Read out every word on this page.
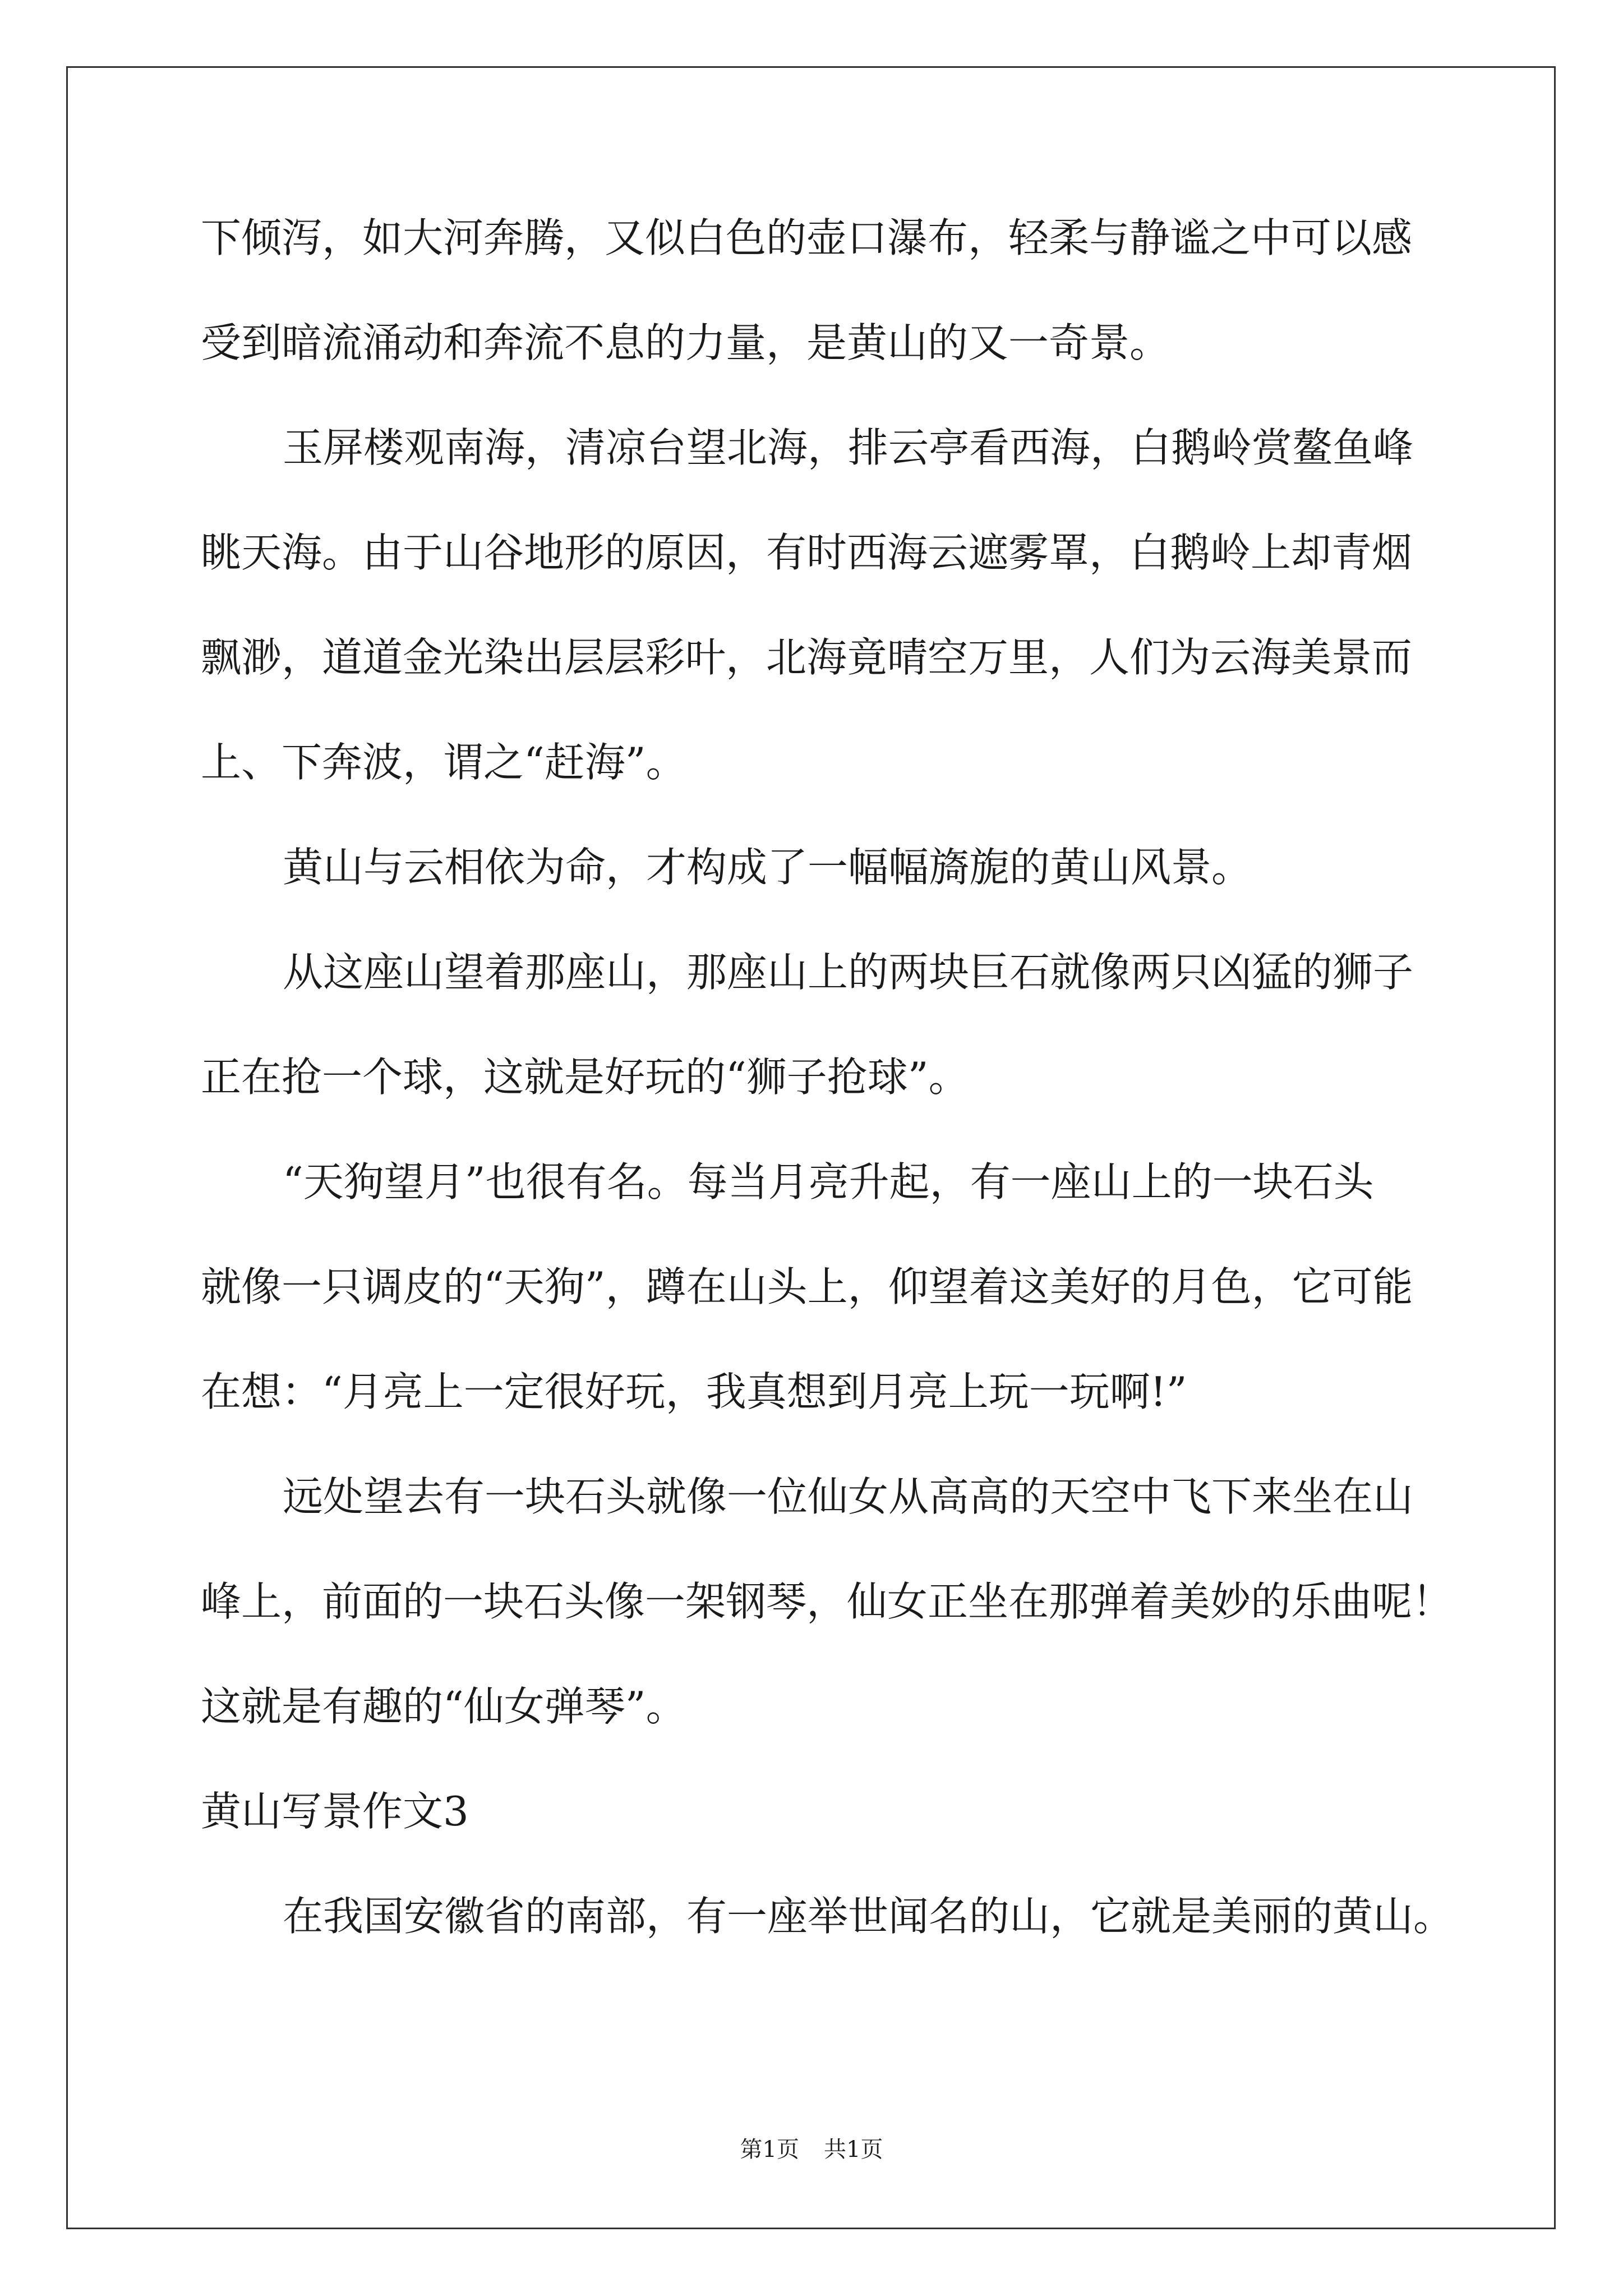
下倾泻，如大河奔腾，又似白色的壶口瀑布，轻柔与静谧之中可以感
受到暗流涌动和奔流不息的力量，是黄山的又一奇景。
玉屏楼观南海，清凉台望北海，排云亭看西海，白鹅岭赏鳌鱼峰
眺天海。由于山谷地形的原因，有时西海云遮雾罩，白鹅岭上却青烟
飘渺，道道金光染出层层彩叶，北海竟晴空万里，人们为云海美景而
上、下奔波，谓之“赶海”。
黄山与云相依为命，才构成了一幅幅旖旎的黄山风景。
从这座山望着那座山，那座山上的两块巨石就像两只凶猛的狮子
正在抢一个球，这就是好玩的“狮子抢球”。
“天狗望月”也很有名。每当月亮升起，有一座山上的一块石头
就像一只调皮的“天狗”，蹲在山头上，仰望着这美好的月色，它可能
在想：“月亮上一定很好玩，我真想到月亮上玩一玩啊!”
远处望去有一块石头就像一位仙女从高高的天空中飞下来坐在山
峰上，前面的一块石头像一架钢琴，仙女正坐在那弹着美妙的乐曲呢！
这就是有趣的“仙女弹琴”。
黄山写景作文3
在我国安徽省的南部，有一座举世闻名的山，它就是美丽的黄山。
第1页 共1页
